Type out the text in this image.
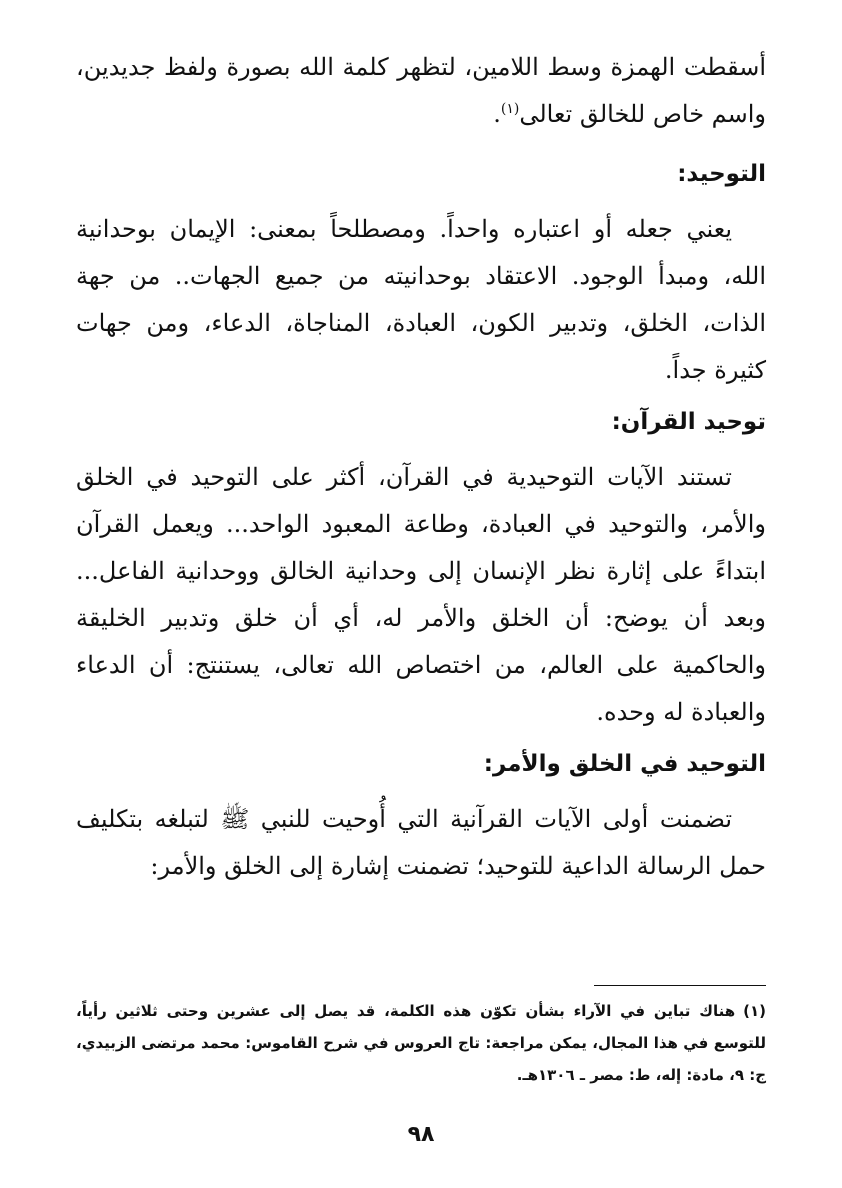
أسقطت الهمزة وسط اللامين، لتظهر كلمة الله بصورة ولفظ جديدين، واسم خاص للخالق تعالى$^{(١)}$.

التوحيد:

يعني جعله أو اعتباره واحداً. ومصطلحاً بمعنى: الإيمان بوحدانية الله، ومبدأ الوجود. الاعتقاد بوحدانيته من جميع الجهات.. من جهة الذات، الخلق، وتدبير الكون، العبادة، المناجاة، الدعاء، ومن جهات كثيرة جداً.

توحيد القرآن:

تستند الآيات التوحيدية في القرآن، أكثر على التوحيد في الخلق والأمر، والتوحيد في العبادة، وطاعة المعبود الواحد... ويعمل القرآن ابتداءً على إثارة نظر الإنسان إلى وحدانية الخالق ووحدانية الفاعل... وبعد أن يوضح: أن الخلق والأمر له، أي أن خلق وتدبير الخليقة والحاكمية على العالم، من اختصاص الله تعالى، يستنتج: أن الدعاء والعبادة له وحده.

التوحيد في الخلق والأمر:

تضمنت أولى الآيات القرآنية التي أُوحيت للنبي ﷺ لتبلغه بتكليف حمل الرسالة الداعية للتوحيد؛ تضمنت إشارة إلى الخلق والأمر:

(١)هناك تباين في الآراء بشأن تكوّن هذه الكلمة، قد يصل إلى عشرين وحتى ثلاثين رأياً، للتوسع في هذا المجال، يمكن مراجعة: تاج العروس في شرح القاموس: محمد مرتضى الزبيدي، ج: ٩، مادة: إله، ط: مصر ـ ١٣٠٦هـ.
٩٨
